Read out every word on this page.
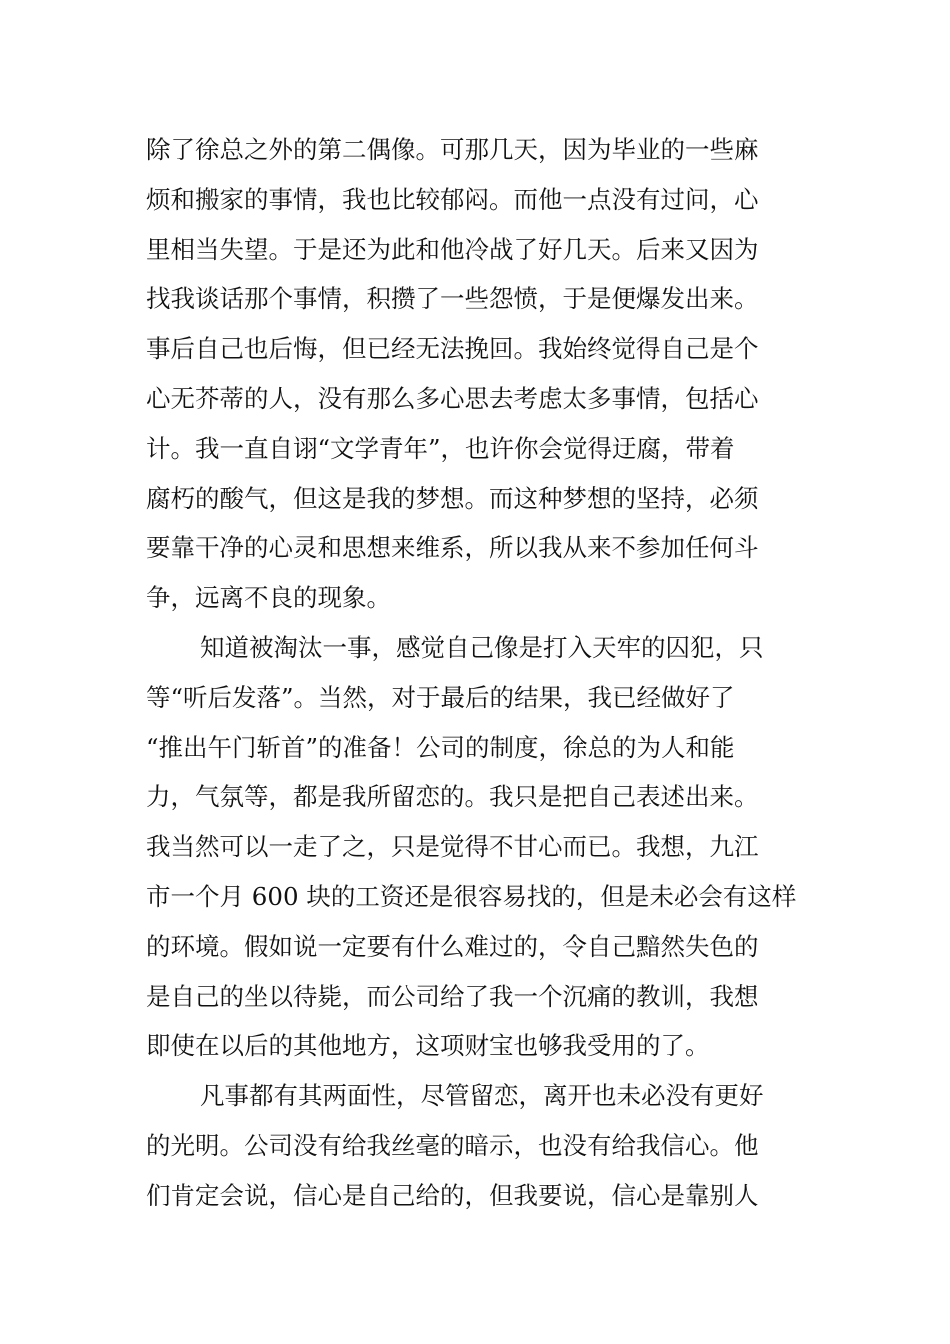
除了徐总之外的第二偶像。可那几天，因为毕业的一些麻
烦和搬家的事情，我也比较郁闷。而他一点没有过问，心
里相当失望。于是还为此和他冷战了好几天。后来又因为
找我谈话那个事情，积攒了一些怨愤，于是便爆发出来。
事后自己也后悔，但已经无法挽回。我始终觉得自己是个
心无芥蒂的人，没有那么多心思去考虑太多事情，包括心
计。我一直自诩“文学青年”，也许你会觉得迂腐，带着
腐朽的酸气，但这是我的梦想。而这种梦想的坚持，必须
要靠干净的心灵和思想来维系，所以我从来不参加任何斗
争，远离不良的现象。
知道被淘汰一事，感觉自己像是打入天牢的囚犯，只
等“听后发落”。当然，对于最后的结果，我已经做好了
“推出午门斩首”的准备！公司的制度，徐总的为人和能
力，气氛等，都是我所留恋的。我只是把自己表述出来。
我当然可以一走了之，只是觉得不甘心而已。我想，九江
市一个月 600 块的工资还是很容易找的，但是未必会有这样
的环境。假如说一定要有什么难过的，令自己黯然失色的
是自己的坐以待毙，而公司给了我一个沉痛的教训，我想
即使在以后的其他地方，这项财宝也够我受用的了。
凡事都有其两面性，尽管留恋，离开也未必没有更好
的光明。公司没有给我丝毫的暗示，也没有给我信心。他
们肯定会说，信心是自己给的，但我要说，信心是靠别人
